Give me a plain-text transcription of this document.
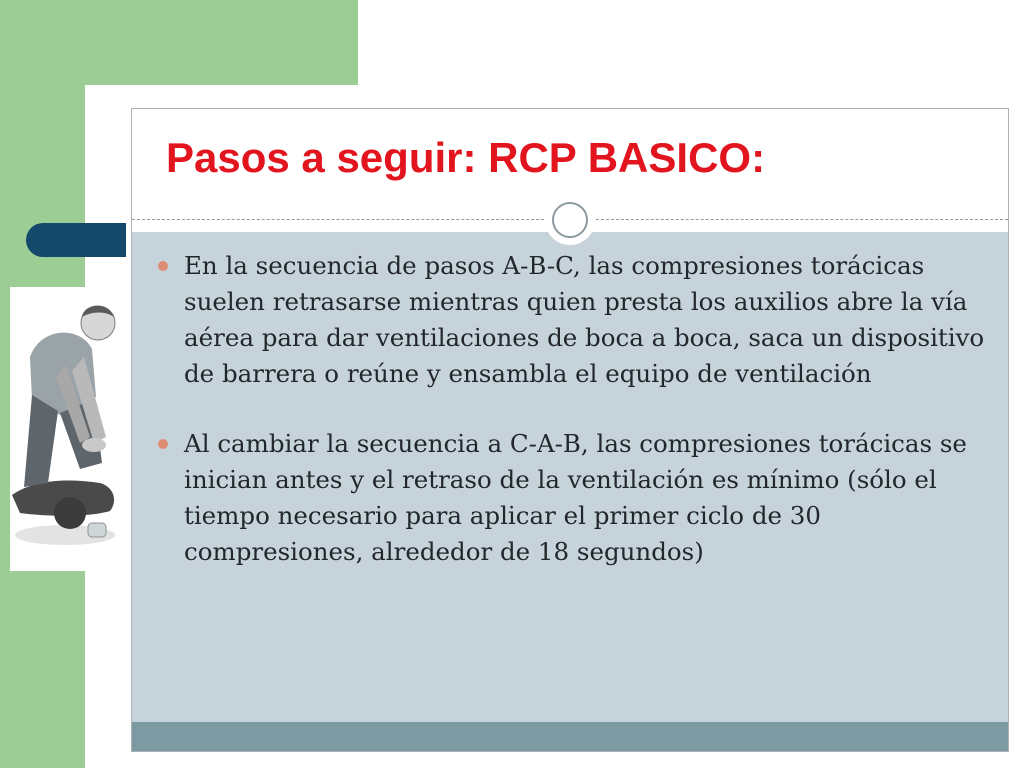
Pasos a seguir: RCP BASICO:
En la secuencia de pasos A-B-C, las compresiones torácicas suelen retrasarse mientras quien presta los auxilios abre la vía aérea para dar ventilaciones de boca a boca, saca un dispositivo de barrera o reúne y ensambla el equipo de ventilación
Al cambiar la secuencia a C-A-B, las compresiones torácicas se inician antes y el retraso de la ventilación es mínimo (sólo el tiempo necesario para aplicar el primer ciclo de 30 compresiones, alrededor de 18 segundos)
